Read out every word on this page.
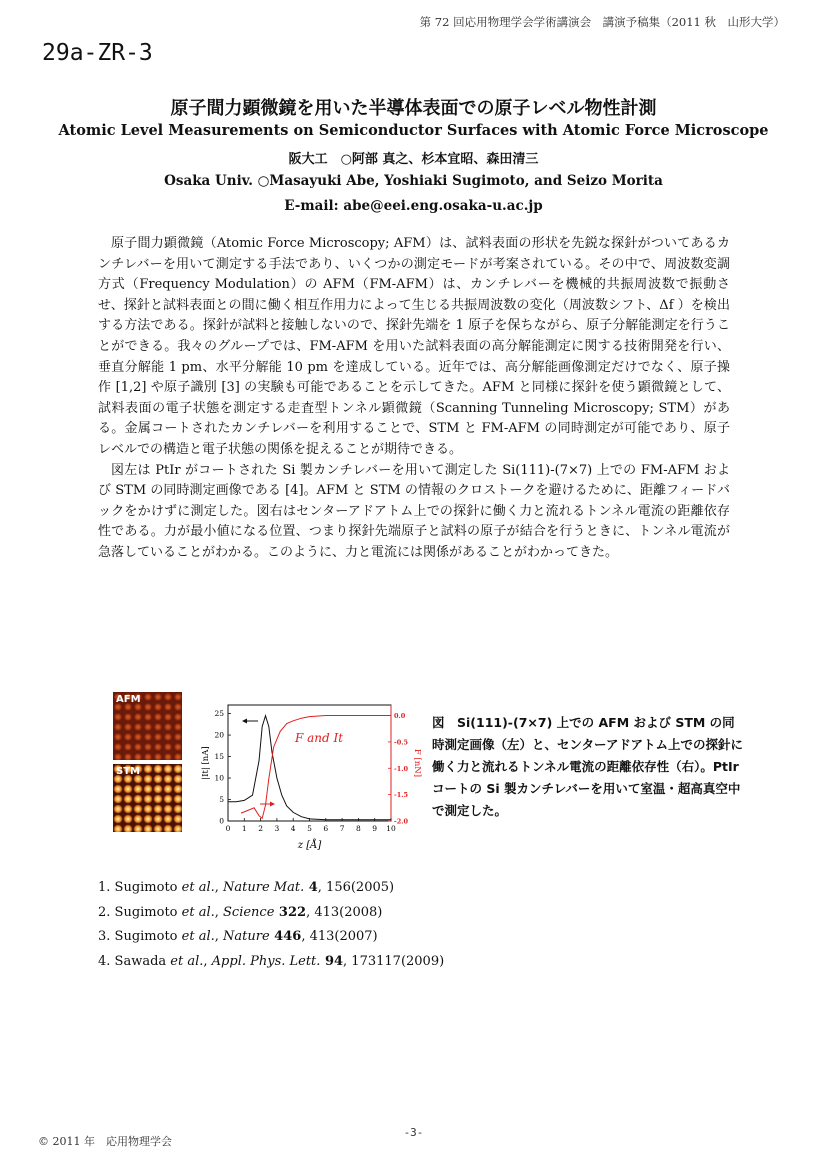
第 72 回応用物理学会学術講演会　講演予稿集（2011 秋　山形大学）
29a-ZR-3
原子間力顕微鏡を用いた半導体表面での原子レベル物性計測
Atomic Level Measurements on Semiconductor Surfaces with Atomic Force Microscope
阪大工　○阿部 真之、杉本宜昭、森田清三
Osaka Univ. ○Masayuki Abe, Yoshiaki Sugimoto, and Seizo Morita
E-mail: abe@eei.eng.osaka-u.ac.jp

原子間力顕微鏡（Atomic Force Microscopy; AFM）は、試料表面の形状を先鋭な探針がついてあるカンチレバーを用いて測定する手法であり、いくつかの測定モードが考案されている。その中で、周波数変調方式（Frequency Modulation）の AFM（FM-AFM）は、カンチレバーを機械的共振周波数で振動させ、探針と試料表面との間に働く相互作用力によって生じる共振周波数の変化（周波数シフト、Δf ）を検出する方法である。探針が試料と接触しないので、探針先端を 1 原子を保ちながら、原子分解能測定を行うことができる。我々のグループでは、FM-AFM を用いた試料表面の高分解能測定に関する技術開発を行い、垂直分解能 1 pm、水平分解能 10 pm を達成している。近年では、高分解能画像測定だけでなく、原子操作 [1,2] や原子識別 [3] の実験も可能であることを示してきた。AFM と同様に探針を使う顕微鏡として、試料表面の電子状態を測定する走査型トンネル顕微鏡（Scanning Tunneling Microscopy; STM）がある。金属コートされたカンチレバーを利用することで、STM と FM-AFM の同時測定が可能であり、原子レベルでの構造と電子状態の関係を捉えることが期待できる。

図左は PtIr がコートされた Si 製カンチレバーを用いて測定した Si(111)-(7×7) 上での FM-AFM および STM の同時測定画像である [4]。AFM と STM の情報のクロストークを避けるために、距離フィードバックをかけずに測定した。図右はセンターアドアトム上での探針に働く力と流れるトンネル電流の距離依存性である。力が最小値になる位置、つまり探針先端原子と試料の原子が結合を行うときに、トンネル電流が急落していることがわかる。このように、力と電流には関係があることがわかってきた。

AFM
STM
0 1 2 3 4 5 6 7 8 9 10
0
5
10
15
20
25	0.0
-0.5
-1.0
-1.5
-2.0
z [Å]
|It| [nA]	F [nN]
F and It
図　Si(111)-(7×7) 上での AFM および STM の同時測定画像（左）と、センターアドアトム上での探針に働く力と流れるトンネル電流の距離依存性（右）。PtIr コートの Si 製カンチレバーを用いて室温・超高真空中で測定した。
1. Sugimoto et al., Nature Mat. 4, 156(2005)
2. Sugimoto et al., Science 322, 413(2008)
3. Sugimoto et al., Nature 446, 413(2007)
4. Sawada et al., Appl. Phys. Lett. 94, 173117(2009)
© 2011 年　応用物理学会
-3-
